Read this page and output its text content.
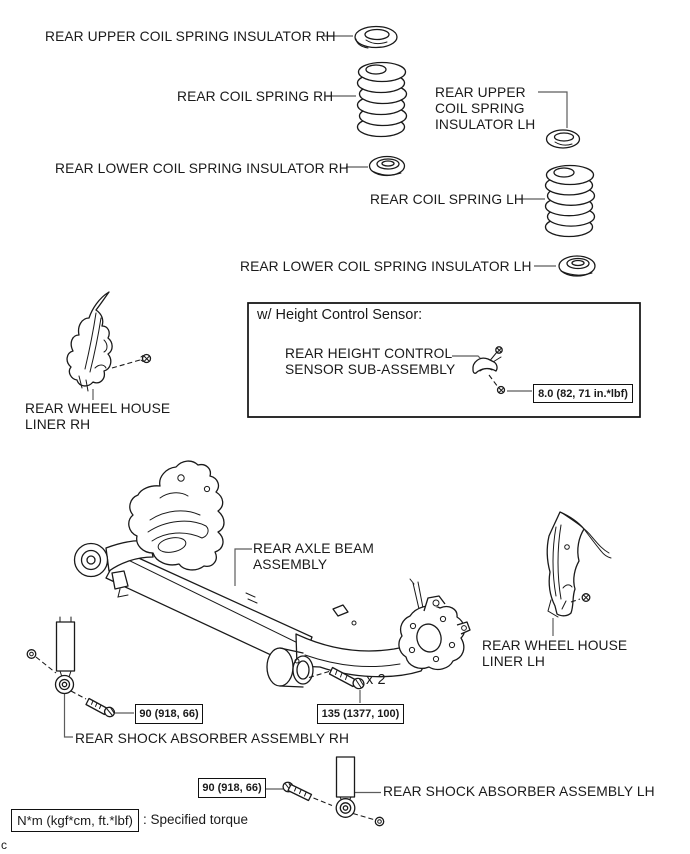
REAR UPPER COIL SPRING INSULATOR RH
REAR COIL SPRING RH	REAR UPPER
COIL SPRING
INSULATOR LH
REAR LOWER COIL SPRING INSULATOR RH
REAR COIL SPRING LH
REAR LOWER COIL SPRING INSULATOR LH
REAR WHEEL HOUSE
LINER RH
w/ Height Control Sensor:
REAR HEIGHT CONTROL
SENSOR SUB-ASSEMBLY
8.0 (82, 71 in.*lbf)
REAR AXLE BEAM
ASSEMBLY
REAR WHEEL HOUSE
LINER LH
x 2
90 (918, 66)	135 (1377, 100)
REAR SHOCK ABSORBER ASSEMBLY RH
90 (918, 66)	REAR SHOCK ABSORBER ASSEMBLY LH
N*m (kgf*cm, ft.*lbf) : Specified torque
c
